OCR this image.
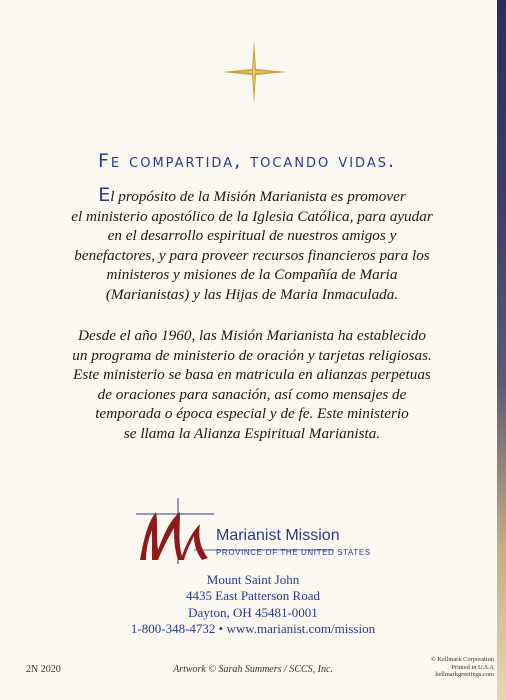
Fe compartida, tocando vidas.
El propósito de la Misión Marianista es promover
el ministerio apostólico de la Iglesia Católica, para ayudar
en el desarrollo espiritual de nuestros amigos y
benefactores, y para proveer recursos financieros para los
ministeros y misiones de la Compañía de Maria
(Marianistas) y las Hijas de Maria Inmaculada.
Desde el año 1960, las Misión Marianista ha establecido
un programa de ministerio de oración y tarjetas religiosas.
Este ministerio se basa en matricula en alianzas perpetuas
de oraciones para sanación, así como mensajes de
temporada o época especial y de fe. Este ministerio
se llama la Alianza Espiritual Marianista.
Marianist Mission
PROVINCE OF THE UNITED STATES
Mount Saint John
4435 East Patterson Road
Dayton, OH 45481-0001
1-800-348-4732 • www.marianist.com/mission
2N 2020	Artwork © Sarah Summers / SCCS, Inc.
© Kellmark Corporation
Printed in U.S.A
kellmarkgreetings.com
